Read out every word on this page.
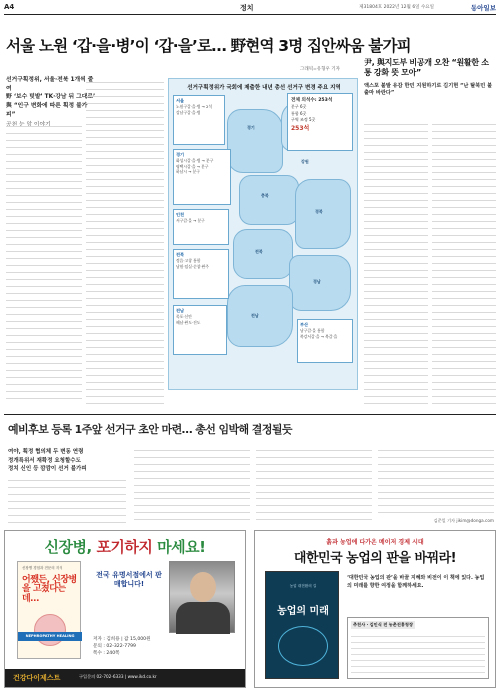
A4	정치	제31804호 2022년 12월 6일 수요일	동아일보
서울 노원 ‘갑·을·병’이 ‘갑·을’로… 野현역 3명 집안싸움 불가피
그래픽=유형우 기자
선거구획정위, 서울·전북 1개씩 줄여
野 ‘보수 텃밭’ TK·강남 뒤 그대로’
與 “인구 변화에 따른 획정 불가피”
공천 눈 앞 이야기
선거구획정위가 국회에 제출한 내년 총선 선거구 변경 주요 지역
경기
강원
충북
경북
전북
경남
전남
전체 의석수: 253석
분구 6곳
통합 6곳
구역 조정 5곳
253석
서울
노원구갑·을·병 → 2석
강남구갑·을·병
경기
화성시갑·을·병 → 분구
평택시갑·을 → 분구
하남시 → 분구
인천
서구갑·을 → 분구
전북
정읍·고창 통합
남원·임실·순창·완주
전남
목포·신안
해남·완도·진도	부산
남구갑·을 통합
북강서갑·을 → 북갑·을
尹, 與지도부 비공개 오찬 “원활한 소통 강화 뜻 모아”
액스포 불발 유감 한민 지원하기로 김기현 “난 탈북민 불출마 바란다”
예비후보 등록 1주앞 선거구 초안 마련… 총선 임박해 결정될듯
여야, 획정 협의체 두 변동 연령
정개특위서 재확정 요청할수도
정치 신인 등 깜깜이 선거 불가피
김준일 기자 jikim@donga.com
신장병, 포기하지 마세요!
신장병 경험과 전문의 지식
어쨌든, 신장병을 고쳤다는데…
NEPHROPATHY HEALING
전국 유명서점에서 판매합니다!
저자 : 김희용 | 값 15,000원
문의 : 02-322-7799
쪽수 : 240쪽
건강다이제스트	구입문의 02-702-6333 | www.ikd.co.kr
흙과 농업에 다가온 메이저 경제 시대
대한민국 농업의 판을 바꿔라!
농업 대전환의 길
농업의 미래
‘대한민국 농업의 판’을 바꿀 지혜와 비전이 이 책에 있다. 농업의 미래를 향한 여정을 함께하세요.
추천사 · 김인식 전 농촌진흥청장
